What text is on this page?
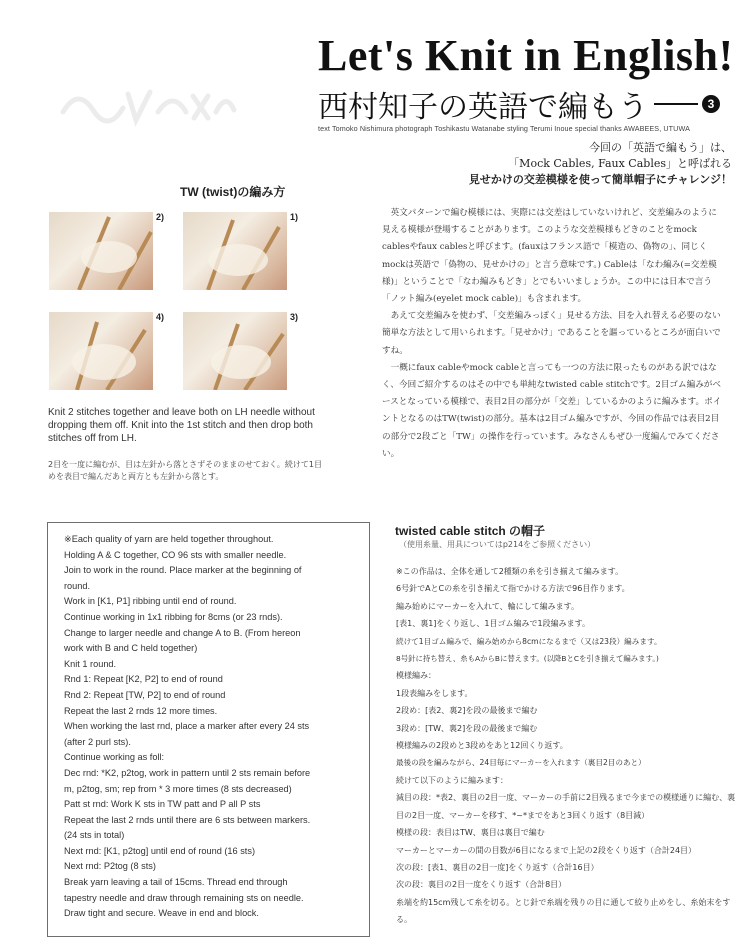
Let's Knit in English!
西村知子の英語で編もう	3
text Tomoko Nishimura photograph Toshikastu Watanabe styling Terumi Inoue special thanks AWABEES, UTUWA
今回の「英語で編もう」は、
「Mock Cables, Faux Cables」と呼ばれる
見せかけの交差模様を使って簡単帽子にチャレンジ！
TW (twist)の編み方
2)	1)
4)	3)
Knit 2 stitches together and leave both on LH needle without dropping them off. Knit into the 1st stitch and then drop both stitches off from LH.
2目を一度に編むが、目は左針から落とさずそのままのせておく。続けて1目めを表目で編んだあと両方とも左針から落とす。

英文パターンで編む模様には、実際には交差はしていないけれど、交差編みのように見える模様が登場することがあります。このような交差模様もどきのことをmock cablesやfaux cablesと呼びます。(fauxはフランス語で「模造の、偽物の」、同じくmockは英語で「偽物の、見せかけの」と言う意味です。) Cableは「なわ編み(=交差模様)」ということで「なわ編みもどき」とでもいいましょうか。この中には日本で言う「ノット編み(eyelet mock cable)」も含まれます。

あえて交差編みを使わず、「交差編みっぽく」見せる方法、目を入れ替える必要のない簡単な方法として用いられます。「見せかけ」であることを謳っているところが面白いですね。

一概にfaux cableやmock cableと言っても一つの方法に限ったものがある訳ではなく、今回ご紹介するのはその中でも単純なtwisted cable stitchです。2目ゴム編みがベースとなっている模様で、表目2目の部分が「交差」しているかのように編みます。ポイントとなるのはTW(twist)の部分。基本は2目ゴム編みですが、今回の作品では表目2目の部分で2段ごと「TW」の操作を行っています。みなさんもぜひ一度編んでみてください。

※Each quality of yarn are held together throughout.
Holding A & C together, CO 96 sts with smaller needle.
Join to work in the round. Place marker at the beginning of
round.
Work in [K1, P1] ribbing until end of round.
Continue working in 1x1 ribbing for 8cms (or 23 rnds).
Change to larger needle and change A to B. (From hereon
work with B and C held together)
Knit 1 round.
Rnd 1: Repeat [K2, P2] to end of round
Rnd 2: Repeat [TW, P2] to end of round
Repeat the last 2 rnds 12 more times.
When working the last rnd, place a marker after every 24 sts
(after 2 purl sts).
Continue working as foll:
Dec rnd: *K2, p2tog, work in pattern until 2 sts remain before
m, p2tog, sm; rep from * 3 more times (8 sts decreased)
Patt st rnd: Work K sts in TW patt and P all P sts
Repeat the last 2 rnds until there are 6 sts between markers.
(24 sts in total)
Next rnd: [K1, p2tog] until end of round (16 sts)
Next rnd: P2tog (8 sts)
Break yarn leaving a tail of 15cms. Thread end through
tapestry needle and draw through remaining sts on needle.
Draw tight and secure. Weave in end and block.
twisted cable stitch の帽子
（使用糸量、用具についてはp214をご参照ください）
※この作品は、全体を通して2種類の糸を引き揃えて編みます。
6号針でAとCの糸を引き揃えて指でかける方法で96目作ります。
編み始めにマーカーを入れて、輪にして編みます。
[表1、裏1]をくり返し、1目ゴム編みで1段編みます。
続けて1目ゴム編みで、編み始めから8cmになるまで（又は23段）編みます。
8号針に持ち替え、糸もAからBに替えます。(以降BとCを引き揃えて編みます。)
模様編み：
1段表編みをします。
2段め：[表2、裏2]を段の最後まで編む
3段め：[TW、裏2]を段の最後まで編む
模様編みの2段めと3段めをあと12回くり返す。
最後の段を編みながら、24目毎にマーカーを入れます（裏目2目のあと）
続けて以下のように編みます：
減目の段：*表2、裏目の2目一度、マーカーの手前に2目残るまで今までの模様通りに編む、裏目の2目一度、マーカーを移す、*~*までをあと3回くり返す（8目減）
模様の段：表目はTW、裏目は裏目で編む
マーカーとマーカーの間の目数が6目になるまで上記の2段をくり返す（合計24目）
次の段：[表1、裏目の2目一度]をくり返す（合計16目）
次の段：裏目の2目一度をくり返す（合計8目）
糸端を約15cm残して糸を切る。とじ針で糸端を残りの目に通して絞り止めをし、糸始末をする。
